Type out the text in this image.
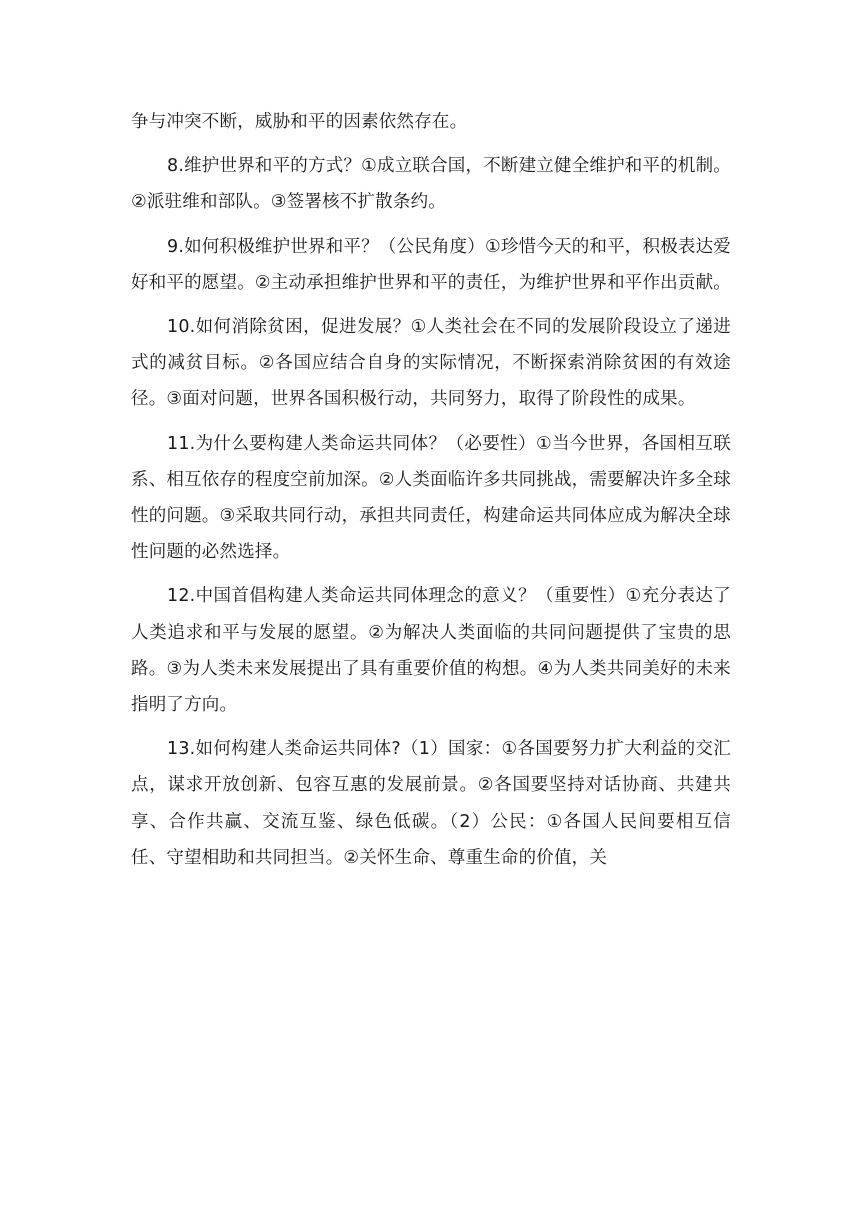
争与冲突不断，威胁和平的因素依然存在。

8.维护世界和平的方式？①成立联合国，不断建立健全维护和平的机制。②派驻维和部队。③签署核不扩散条约。

9.如何积极维护世界和平？（公民角度）①珍惜今天的和平，积极表达爱好和平的愿望。②主动承担维护世界和平的责任，为维护世界和平作出贡献。

10.如何消除贫困，促进发展？①人类社会在不同的发展阶段设立了递进式的减贫目标。②各国应结合自身的实际情况，不断探索消除贫困的有效途径。③面对问题，世界各国积极行动，共同努力，取得了阶段性的成果。

11.为什么要构建人类命运共同体？（必要性）①当今世界，各国相互联系、相互依存的程度空前加深。②人类面临许多共同挑战，需要解决许多全球性的问题。③采取共同行动，承担共同责任，构建命运共同体应成为解决全球性问题的必然选择。

12.中国首倡构建人类命运共同体理念的意义？（重要性）①充分表达了人类追求和平与发展的愿望。②为解决人类面临的共同问题提供了宝贵的思路。③为人类未来发展提出了具有重要价值的构想。④为人类共同美好的未来指明了方向。

13.如何构建人类命运共同体?（1）国家：①各国要努力扩大利益的交汇点，谋求开放创新、包容互惠的发展前景。②各国要坚持对话协商、共建共享、合作共赢、交流互鉴、绿色低碳。（2）公民：①各国人民间要相互信任、守望相助和共同担当。②关怀生命、尊重生命的价值，关
